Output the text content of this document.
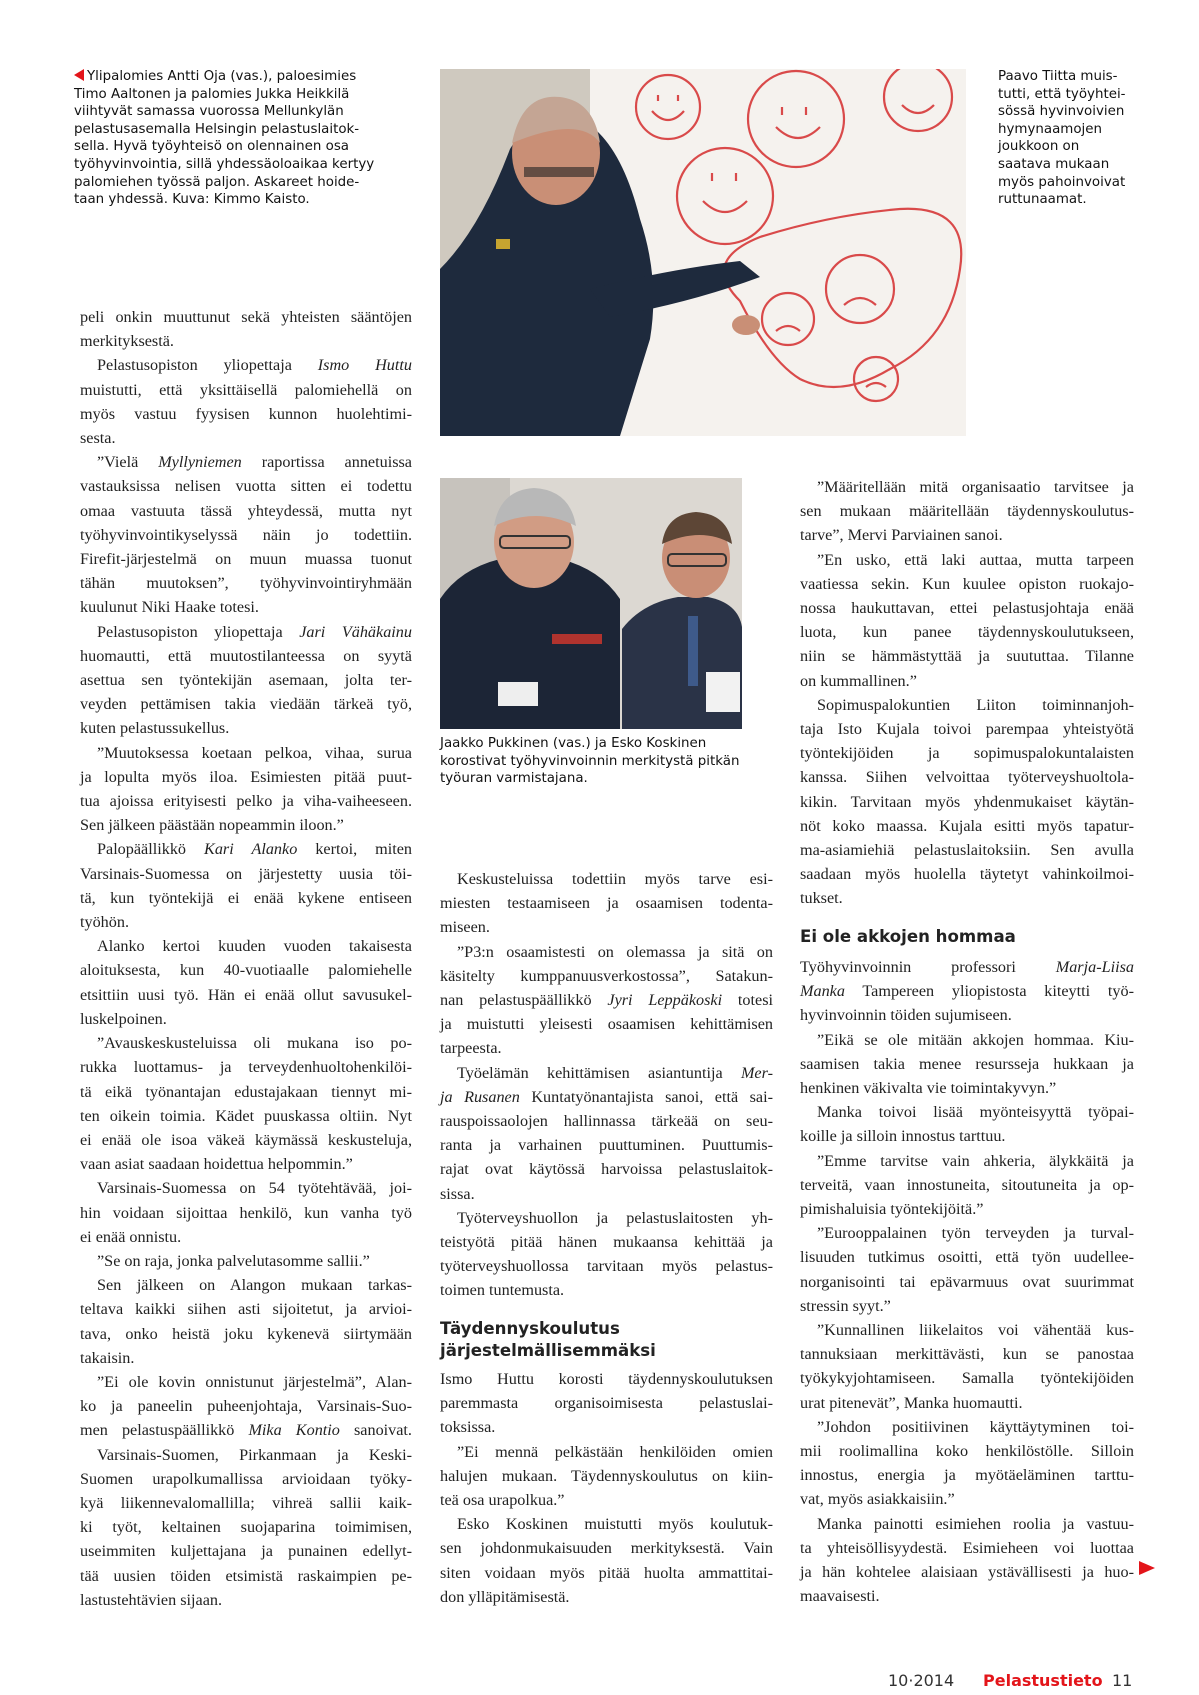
Ylipalomies Antti Oja (vas.), paloesimies
Timo Aaltonen ja palomies Jukka Heikkilä
viihtyvät samassa vuorossa Mellunkylän
pelastusasemalla Helsingin pelastuslaitok-
sella. Hyvä työyhteisö on olennainen osa
työhyvinvointia, sillä yhdessäoloaikaa kertyy
palomiehen työssä paljon. Askareet hoide-
taan yhdessä. Kuva: Kimmo Kaisto.
Paavo Tiitta muis-
tutti, että työyhtei-
sössä hyvinvoivien
hymynaamojen
joukkoon on
saatava mukaan
myös pahoinvoivat
ruttunaamat.
Jaakko Pukkinen (vas.) ja Esko Koskinen
korostivat työhyvinvoinnin merkitystä pitkän
työuran varmistajana.
peli onkin muuttunut sekä yhteisten sääntöjen
merkityksestä.
Pelastusopiston yliopettaja Ismo Huttu
muistutti, että yksittäisellä palomiehellä on
myös vastuu fyysisen kunnon huolehtimi-
sesta.
”Vielä Myllyniemen raportissa annetuissa
vastauksissa nelisen vuotta sitten ei todettu
omaa vastuuta tässä yhteydessä, mutta nyt
työhyvinvointikyselyssä näin jo todettiin.
Firefit-järjestelmä on muun muassa tuonut
tähän muutoksen”, työhyvinvointiryhmään
kuulunut Niki Haake totesi.
Pelastusopiston yliopettaja Jari Vähäkainu
huomautti, että muutostilanteessa on syytä
asettua sen työntekijän asemaan, jolta ter-
veyden pettämisen takia viedään tärkeä työ,
kuten pelastussukellus.
”Muutoksessa koetaan pelkoa, vihaa, surua
ja lopulta myös iloa. Esimiesten pitää puut-
tua ajoissa erityisesti pelko ja viha-vaiheeseen.
Sen jälkeen päästään nopeammin iloon.”
Palopäällikkö Kari Alanko kertoi, miten
Varsinais-Suomessa on järjestetty uusia töi-
tä, kun työntekijä ei enää kykene entiseen
työhön.
Alanko kertoi kuuden vuoden takaisesta
aloituksesta, kun 40-vuotiaalle palomiehelle
etsittiin uusi työ. Hän ei enää ollut savusukel-
luskelpoinen.
”Avauskeskusteluissa oli mukana iso po-
rukka luottamus- ja terveydenhuoltohenkilöi-
tä eikä työnantajan edustajakaan tiennyt mi-
ten oikein toimia. Kädet puuskassa oltiin. Nyt
ei enää ole isoa väkeä käymässä keskusteluja,
vaan asiat saadaan hoidettua helpommin.”
Varsinais-Suomessa on 54 työtehtävää, joi-
hin voidaan sijoittaa henkilö, kun vanha työ
ei enää onnistu.
”Se on raja, jonka palvelutasomme sallii.”
Sen jälkeen on Alangon mukaan tarkas-
teltava kaikki siihen asti sijoitetut, ja arvioi-
tava, onko heistä joku kykenevä siirtymään
takaisin.
”Ei ole kovin onnistunut järjestelmä”, Alan-
ko ja paneelin puheenjohtaja, Varsinais-Suo-
men pelastuspäällikkö Mika Kontio sanoivat.
Varsinais-Suomen, Pirkanmaan ja Keski-
Suomen urapolkumallissa arvioidaan työky-
kyä liikennevalomallilla; vihreä sallii kaik-
ki työt, keltainen suojaparina toimimisen,
useimmiten kuljettajana ja punainen edellyt-
tää uusien töiden etsimistä raskaimpien pe-
lastustehtävien sijaan.
Keskusteluissa todettiin myös tarve esi-
miesten testaamiseen ja osaamisen todenta-
miseen.
”P3:n osaamistesti on olemassa ja sitä on
käsitelty kumppanuusverkostossa”, Satakun-
nan pelastuspäällikkö Jyri Leppäkoski totesi
ja muistutti yleisesti osaamisen kehittämisen
tarpeesta.
Työelämän kehittämisen asiantuntija Mer-
ja Rusanen Kuntatyönantajista sanoi, että sai-
rauspoissaolojen hallinnassa tärkeää on seu-
ranta ja varhainen puuttuminen. Puuttumis-
rajat ovat käytössä harvoissa pelastuslaitok-
sissa.
Työterveyshuollon ja pelastuslaitosten yh-
teistyötä pitää hänen mukaansa kehittää ja
työterveyshuollossa tarvitaan myös pelastus-
toimen tuntemusta.
Täydennyskoulutus
järjestelmällisemmäksi
Ismo Huttu korosti täydennyskoulutuksen
paremmasta organisoimisesta pelastuslai-
toksissa.
”Ei mennä pelkästään henkilöiden omien
halujen mukaan. Täydennyskoulutus on kiin-
teä osa urapolkua.”
Esko Koskinen muistutti myös koulutuk-
sen johdonmukaisuuden merkityksestä. Vain
siten voidaan myös pitää huolta ammattitai-
don ylläpitämisestä.
”Määritellään mitä organisaatio tarvitsee ja
sen mukaan määritellään täydennyskoulutus-
tarve”, Mervi Parviainen sanoi.
”En usko, että laki auttaa, mutta tarpeen
vaatiessa sekin. Kun kuulee opiston ruokajo-
nossa haukuttavan, ettei pelastusjohtaja enää
luota, kun panee täydennyskoulutukseen,
niin se hämmästyttää ja suututtaa. Tilanne
on kummallinen.”
Sopimuspalokuntien Liiton toiminnanjoh-
taja Isto Kujala toivoi parempaa yhteistyötä
työntekijöiden ja sopimuspalokuntalaisten
kanssa. Siihen velvoittaa työterveyshuoltola-
kikin. Tarvitaan myös yhdenmukaiset käytän-
nöt koko maassa. Kujala esitti myös tapatur-
ma-asiamiehiä pelastuslaitoksiin. Sen avulla
saadaan myös huolella täytetyt vahinkoilmoi-
tukset.
Ei ole akkojen hommaa
Työhyvinvoinnin professori Marja-Liisa
Manka Tampereen yliopistosta kiteytti työ-
hyvinvoinnin töiden sujumiseen.
”Eikä se ole mitään akkojen hommaa. Kiu-
saamisen takia menee resursseja hukkaan ja
henkinen väkivalta vie toimintakyvyn.”
Manka toivoi lisää myönteisyyttä työpai-
koille ja silloin innostus tarttuu.
”Emme tarvitse vain ahkeria, älykkäitä ja
terveitä, vaan innostuneita, sitoutuneita ja op-
pimishaluisia työntekijöitä.”
”Eurooppalainen työn terveyden ja turval-
lisuuden tutkimus osoitti, että työn uudellee-
norganisointi tai epävarmuus ovat suurimmat
stressin syyt.”
”Kunnallinen liikelaitos voi vähentää kus-
tannuksiaan merkittävästi, kun se panostaa
työkykyjohtamiseen. Samalla työntekijöiden
urat pitenevät”, Manka huomautti.
”Johdon positiivinen käyttäytyminen toi-
mii roolimallina koko henkilöstölle. Silloin
innostus, energia ja myötäeläminen tarttu-
vat, myös asiakkaisiin.”
Manka painotti esimiehen roolia ja vastuu-
ta yhteisöllisyydestä. Esimieheen voi luottaa
ja hän kohtelee alaisiaan ystävällisesti ja huo-
maavaisesti.
10·2014 Pelastustieto 11
